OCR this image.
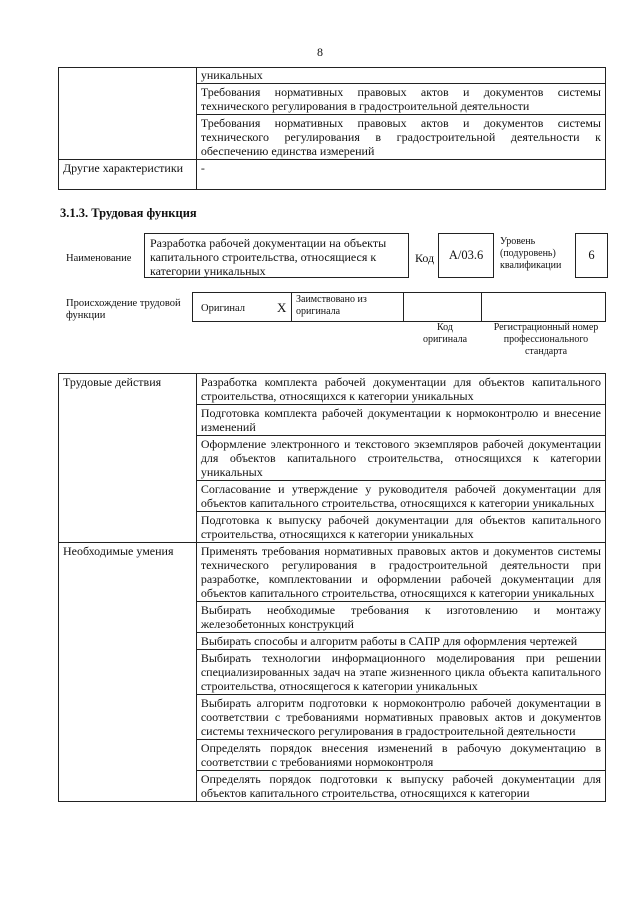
8
	уникальных
	Требования нормативных правовых актов и документов системы технического регулирования в градостроительной деятельности
	Требования нормативных правовых актов и документов системы технического регулирования в градостроительной деятельности к обеспечению единства измерений
Другие характеристики	-
3.1.3. Трудовая функция
Наименование
Разработка рабочей документации на объекты капитального строительства, относящиеся к категории уникальных
Код	А/03.6
Уровень (подуровень) квалификации
6
Происхождение трудовой функции
Оригинал X
Заимствовано из оригинала
Код оригинала
Регистрационный номер профессионального стандарта
Трудовые действия	Разработка комплекта рабочей документации для объектов капитального строительства, относящихся к категории уникальных
	Подготовка комплекта рабочей документации к нормоконтролю и внесение изменений
	Оформление электронного и текстового экземпляров рабочей документации для объектов капитального строительства, относящихся к категории уникальных
	Согласование и утверждение у руководителя рабочей документации для объектов капитального строительства, относящихся к категории уникальных
	Подготовка к выпуску рабочей документации для объектов капитального строительства, относящихся к категории уникальных
Необходимые умения	Применять требования нормативных правовых актов и документов системы технического регулирования в градостроительной деятельности при разработке, комплектовании и оформлении рабочей документации для объектов капитального строительства, относящихся к категории уникальных
	Выбирать необходимые требования к изготовлению и монтажу железобетонных конструкций
	Выбирать способы и алгоритм работы в САПР для оформления чертежей
	Выбирать технологии информационного моделирования при решении специализированных задач на этапе жизненного цикла объекта капитального строительства, относящегося к категории уникальных
	Выбирать алгоритм подготовки к нормоконтролю рабочей документации в соответствии с требованиями нормативных правовых актов и документов системы технического регулирования в градостроительной деятельности
	Определять порядок внесения изменений в рабочую документацию в соответствии с требованиями нормоконтроля
	Определять порядок подготовки к выпуску рабочей документации для объектов капитального строительства, относящихся к категории
